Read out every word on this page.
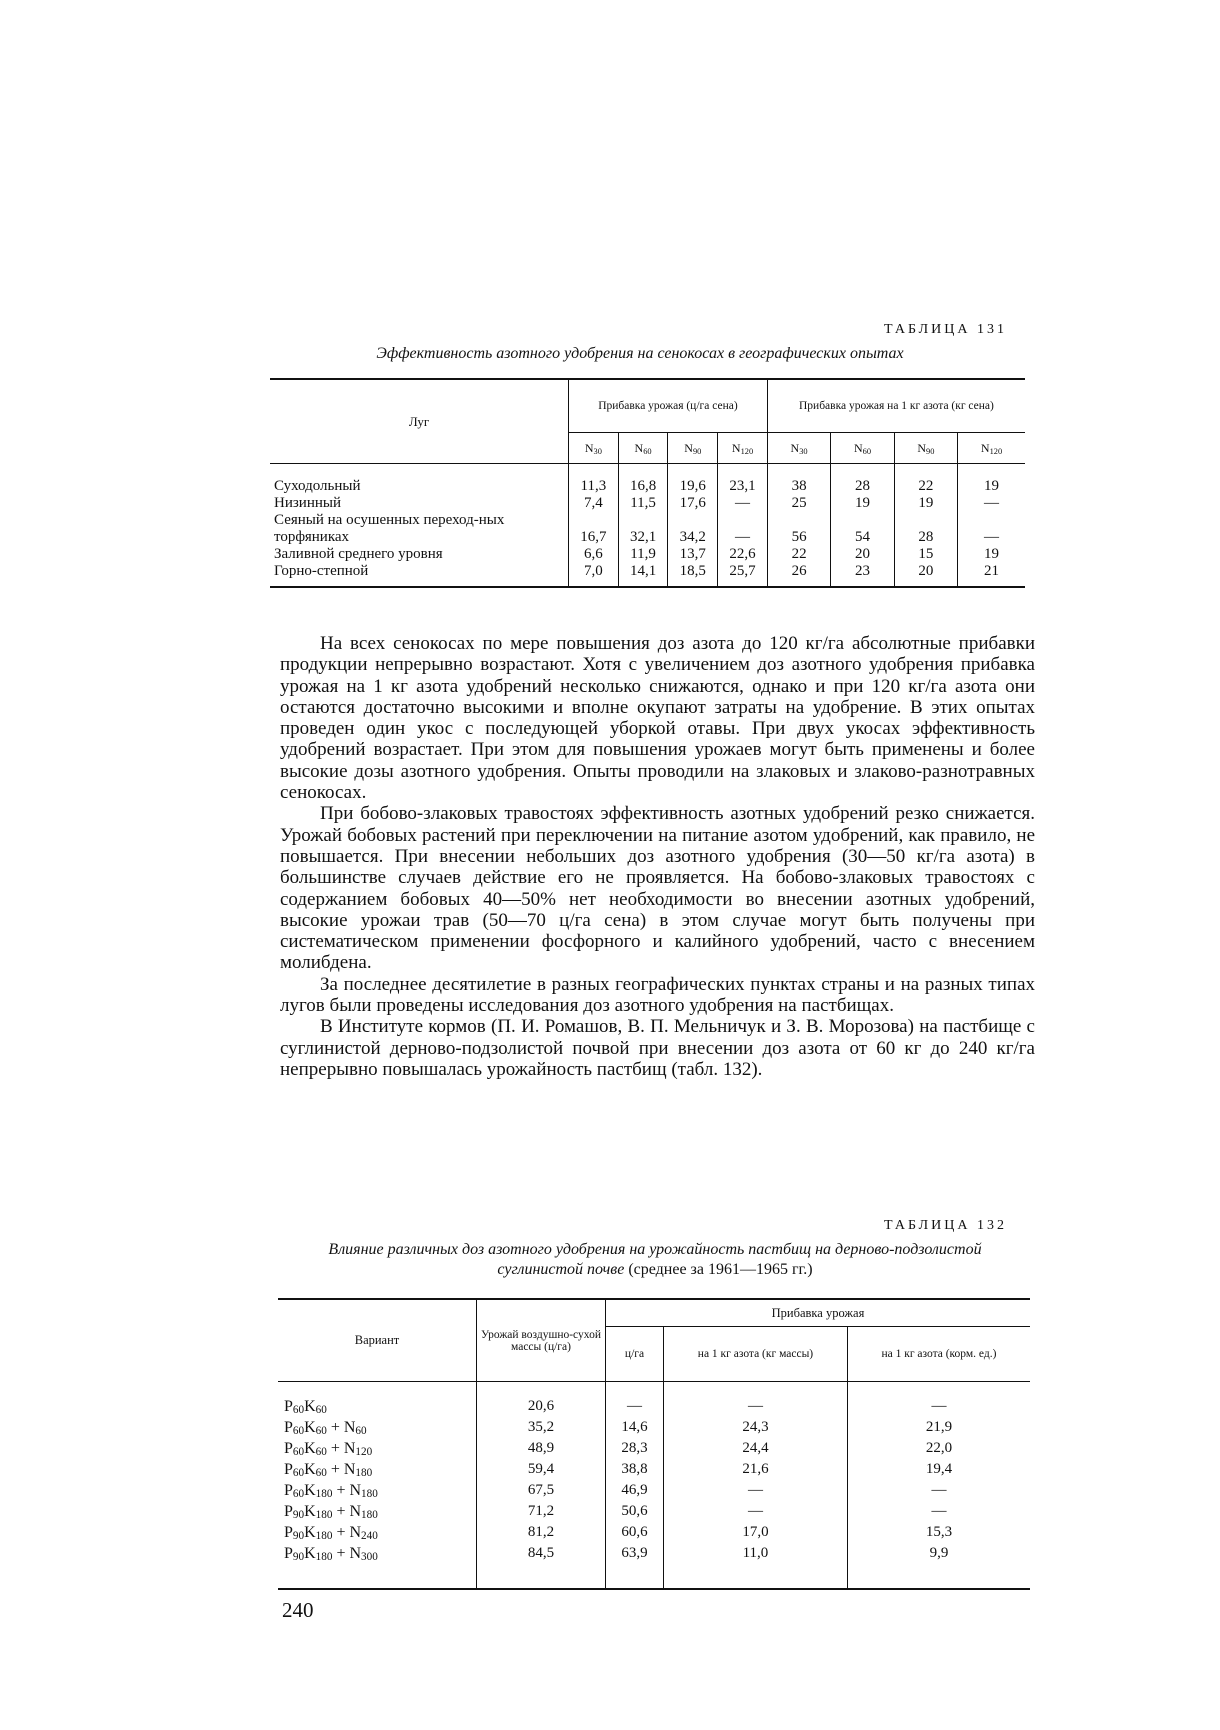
ТАБЛИЦА 131
Эффективность азотного удобрения на сенокосах в географических опытах
Луг	Прибавка урожая (ц/га сена)				Прибавка урожая на 1 кг азота (кг сена)			
	$N_{30}$	$N_{60}$	$N_{90}$	$N_{120}$	$N_{30}$	$N_{60}$	$N_{90}$	$N_{120}$

Суходольный	11,3	16,8	19,6	23,1	38	28	22	19
Низинный	7,4	11,5	17,6	—	25	19	19	—
Сеяный на осушенных переход-ных торфяниках	16,7	32,1	34,2	—	56	54	28	—
Заливной среднего уровня	6,6	11,9	13,7	22,6	22	20	15	19
Горно-степной	7,0	14,1	18,5	25,7	26	23	20	21

На всех сенокосах по мере повышения доз азота до 120 кг/га абсолютные прибавки продукции непрерывно возрастают. Хотя с увеличением доз азотного удобрения прибавка урожая на 1 кг азота удобрений несколько снижаются, однако и при 120 кг/га азота они остаются достаточно высокими и вполне окупают затраты на удобрение. В этих опытах проведен один укос с последующей уборкой отавы. При двух укосах эффективность удобрений возрастает. При этом для повышения урожаев могут быть применены и более высокие дозы азотного удобрения. Опыты проводили на злаковых и злаково-разнотравных сенокосах.

При бобово-злаковых травостоях эффективность азотных удобрений резко снижается. Урожай бобовых растений при переключении на питание азотом удобрений, как правило, не повышается. При внесении небольших доз азотного удобрения (30—50 кг/га азота) в большинстве случаев действие его не проявляется. На бобово-злаковых травостоях с содержанием бобовых 40—50% нет необходимости во внесении азотных удобрений, высокие урожаи трав (50—70 ц/га сена) в этом случае могут быть получены при систематическом применении фосфорного и калийного удобрений, часто с внесением молибдена.

За последнее десятилетие в разных географических пунктах страны и на разных типах лугов были проведены исследования доз азотного удобрения на пастбищах.

В Институте кормов (П. И. Ромашов, В. П. Мельничук и З. В. Морозова) на пастбище с суглинистой дерново-подзолистой почвой при внесении доз азота от 60 кг до 240 кг/га непрерывно повышалась урожайность пастбищ (табл. 132).

ТАБЛИЦА 132
Влияние различных доз азотного удобрения на урожайность пастбищ на дерново-подзолистой суглинистой почве (среднее за 1961—1965 гг.)
Вариант	Урожай воздушно-сухой массы (ц/га)	Прибавка урожая		
		ц/га	на 1 кг азота (кг массы)	на 1 кг азота (корм. ед.)

$P_{60}K_{60}$	20,6	—	—	—
$P_{60}K_{60} + N_{60}$	35,2	14,6	24,3	21,9
$P_{60}K_{60} + N_{120}$	48,9	28,3	24,4	22,0
$P_{60}K_{60} + N_{180}$	59,4	38,8	21,6	19,4
$P_{60}K_{180} + N_{180}$	67,5	46,9	—	—
$P_{90}K_{180} + N_{180}$	71,2	50,6	—	—
$P_{90}K_{180} + N_{240}$	81,2	60,6	17,0	15,3
$P_{90}K_{180} + N_{300}$	84,5	63,9	11,0	9,9

240
